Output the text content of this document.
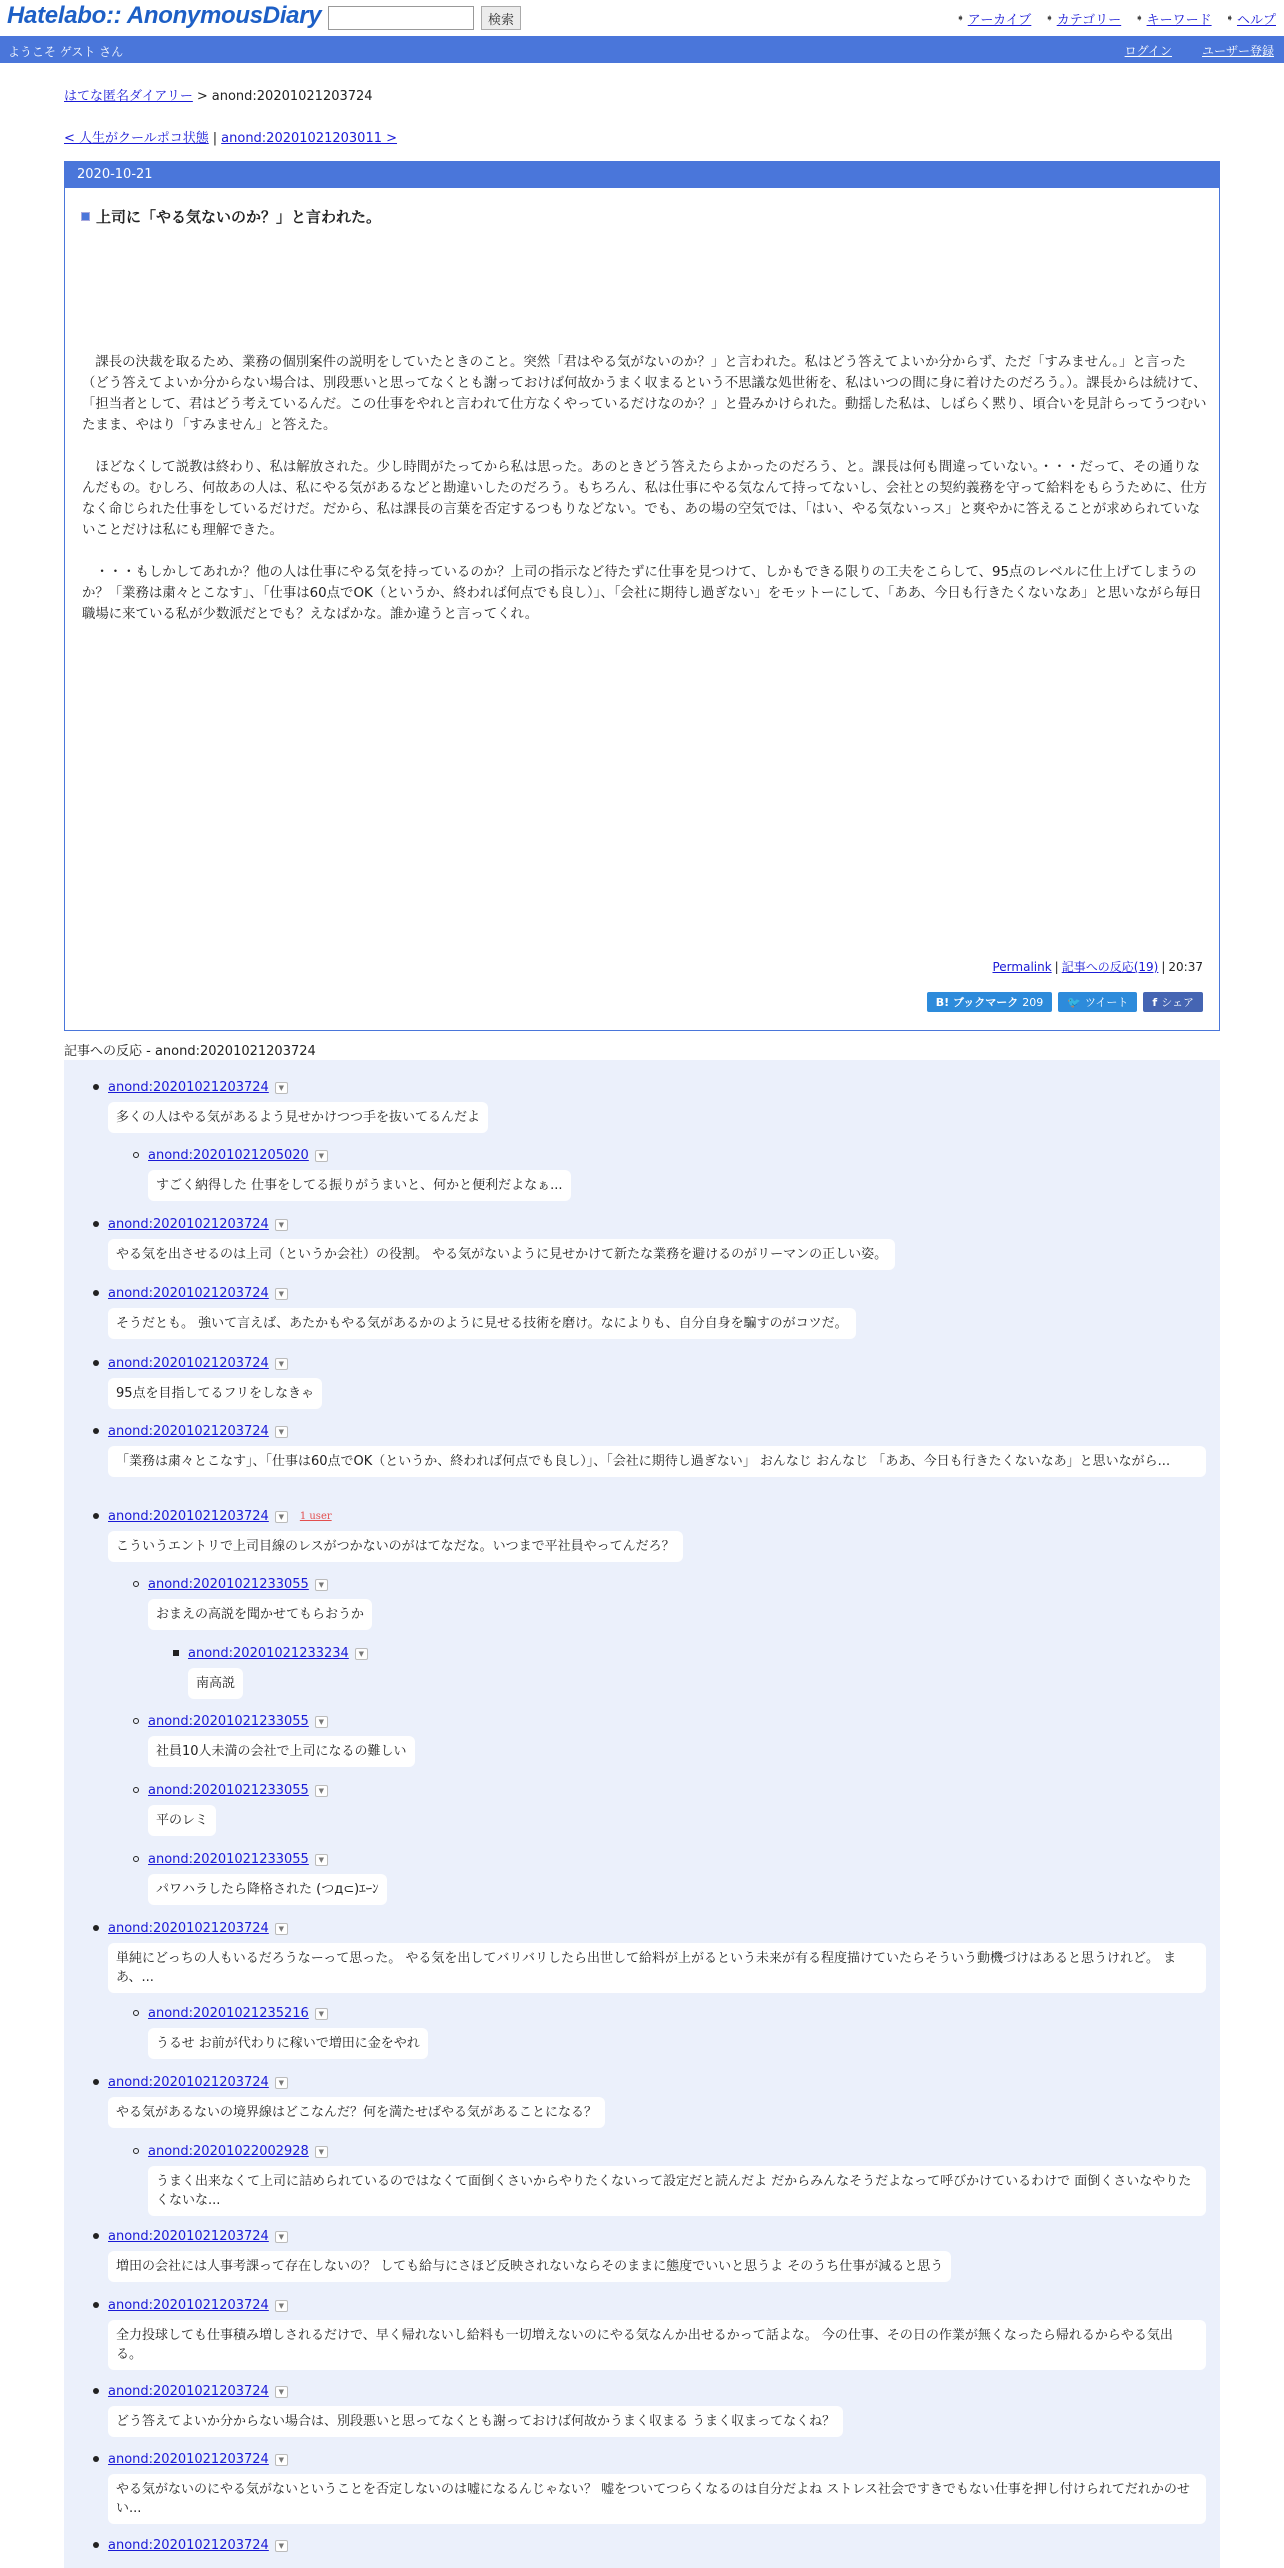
Hatelabo:: AnonymousDiary	検索	➧ アーカイブ ➧ カテゴリー ➧ キーワード ➧ ヘルプ
ようこそ ゲスト さん	ログイン ユーザー登録
はてな匿名ダイアリー > anond:20201021203724
< 人生がクールポコ状態 | anond:20201021203011 >
2020-10-21
上司に「やる気ないのか？」と言われた。

　課長の決裁を取るため、業務の個別案件の説明をしていたときのこと。突然「君はやる気がないのか？」と言われた。私はどう答えてよいか分からず、ただ「すみません。」と言った（どう答えてよいか分からない場合は、別段悪いと思ってなくとも謝っておけば何故かうまく収まるという不思議な処世術を、私はいつの間に身に着けたのだろう。）。課長からは続けて、「担当者として、君はどう考えているんだ。この仕事をやれと言われて仕方なくやっているだけなのか？」と畳みかけられた。動揺した私は、しばらく黙り、頃合いを見計らってうつむいたまま、やはり「すみません」と答えた。

　ほどなくして説教は終わり、私は解放された。少し時間がたってから私は思った。あのときどう答えたらよかったのだろう、と。課長は何も間違っていない。・・・だって、その通りなんだもの。むしろ、何故あの人は、私にやる気があるなどと勘違いしたのだろう。もちろん、私は仕事にやる気なんて持ってないし、会社との契約義務を守って給料をもらうために、仕方なく命じられた仕事をしているだけだ。だから、私は課長の言葉を否定するつもりなどない。でも、あの場の空気では、「はい、やる気ないっス」と爽やかに答えることが求められていないことだけは私にも理解できた。

　・・・もしかしてあれか？他の人は仕事にやる気を持っているのか？上司の指示など待たずに仕事を見つけて、しかもできる限りの工夫をこらして、95点のレベルに仕上げてしまうのか？「業務は粛々とこなす」、「仕事は60点でOK（というか、終われば何点でも良し）」、「会社に期待し過ぎない」をモットーにして、「ああ、今日も行きたくないなあ」と思いながら毎日職場に来ている私が少数派だとでも？えなばかな。誰か違うと言ってくれ。

Permalink | 記事への反応(19) | 20:37
B! ブックマーク 209 🐦 ツイート f シェア
記事への反応 - anond:20201021203724
anond:20201021203724	▼
多くの人はやる気があるよう見せかけつつ手を抜いてるんだよ
anond:20201021205020	▼
すごく納得した 仕事をしてる振りがうまいと、何かと便利だよなぁ...
anond:20201021203724	▼
やる気を出させるのは上司（というか会社）の役割。 やる気がないように見せかけて新たな業務を避けるのがリーマンの正しい姿。
anond:20201021203724	▼
そうだとも。 強いて言えば、あたかもやる気があるかのように見せる技術を磨け。なによりも、自分自身を騙すのがコツだ。
anond:20201021203724	▼
95点を目指してるフリをしなきゃ
anond:20201021203724	▼
「業務は粛々とこなす」、「仕事は60点でOK（というか、終われば何点でも良し）」、「会社に期待し過ぎない」 おんなじ おんなじ 「ああ、今日も行きたくないなあ」と思いながら...
anond:20201021203724	▼	1 user
こういうエントリで上司目線のレスがつかないのがはてなだな。いつまで平社員やってんだろ？
anond:20201021233055	▼
おまえの高説を聞かせてもらおうか
anond:20201021233234	▼
南高説
anond:20201021233055	▼
社員10人未満の会社で上司になるの難しい
anond:20201021233055	▼
平のレミ
anond:20201021233055	▼
パワハラしたら降格された (つд⊂)ｴｰﾝ
anond:20201021203724	▼
単純にどっちの人もいるだろうなーって思った。 やる気を出してバリバリしたら出世して給料が上がるという未来が有る程度描けていたらそういう動機づけはあると思うけれど。 まあ、...
anond:20201021235216	▼
うるせ お前が代わりに稼いで増田に金をやれ
anond:20201021203724	▼
やる気があるないの境界線はどこなんだ？何を満たせばやる気があることになる？
anond:20201022002928	▼
うまく出来なくて上司に詰められているのではなくて面倒くさいからやりたくないって設定だと読んだよ だからみんなそうだよなって呼びかけているわけで 面倒くさいなやりたくないな...
anond:20201021203724	▼
増田の会社には人事考課って存在しないの？ しても給与にさほど反映されないならそのままに態度でいいと思うよ そのうち仕事が減ると思う
anond:20201021203724	▼
全力投球しても仕事積み増しされるだけで、早く帰れないし給料も一切増えないのにやる気なんか出せるかって話よな。 今の仕事、その日の作業が無くなったら帰れるからやる気出る。
anond:20201021203724	▼
どう答えてよいか分からない場合は、別段悪いと思ってなくとも謝っておけば何故かうまく収まる うまく収まってなくね？
anond:20201021203724	▼
やる気がないのにやる気がないということを否定しないのは嘘になるんじゃない？ 嘘をついてつらくなるのは自分だよね ストレス社会ですきでもない仕事を押し付けられてだれかのせい...
anond:20201021203724	▼
